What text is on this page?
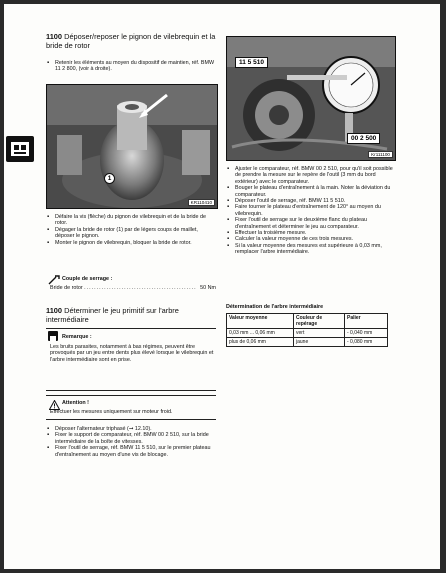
1100 Déposer/reposer le pignon de vilebrequin et la bride de rotor
▪ Retenir les éléments au moyen du dispositif de maintien, réf. BMW 11 2 800, (voir à droite).
1
KR110410
▪ Défaire la vis (flèche) du pignon de vilebrequin et de la bride de rotor.
▪ Dégager la bride de rotor (1) par de légers coups de maillet, déposer le pignon.
▪ Monter le pignon de vilebrequin, bloquer la bride de rotor.
Couple de serrage :
Bride de rotor ............................................. 50 Nm
1100 Déterminer le jeu primitif sur l'arbre intermédiaire
Remarque :
Les bruits parasites, notamment à bas régimes, peuvent être provoqués par un jeu entre dents plus élevé lorsque le vilebrequin et l'arbre intermédiaire sont en prise.
Attention !
Effectuer les mesures uniquement sur moteur froid.
▪ Déposer l'alternateur triphasé (➞ 12.10).
▪ Fixer le support de comparateur, réf. BMW 00 2 510, sur la bride intermédiaire de la boîte de vitesses.
▪ Fixer l'outil de serrage, réf. BMW 11 5 510, sur le premier plateau d'entraînement au moyen d'une vis de blocage.
11 5 510
00 2 500
Kr111100
▪ Ajuster le comparateur, réf. BMW 00 2 510, pour qu'il soit possible de prendre la mesure sur le repère de l'outil (3 mm du bord extérieur) avec le comparateur.
▪ Bouger le plateau d'entraînement à la main. Noter la déviation du comparateur.
▪ Déposer l'outil de serrage, réf. BMW 11 5 510.
▪ Faire tourner le plateau d'entraînement de 120° au moyen du vilebrequin.
▪ Fixer l'outil de serrage sur le deuxième flanc du plateau d'entraînement et déterminer le jeu au comparateur.
▪ Effectuer la troisième mesure.
▪ Calculer la valeur moyenne de ces trois mesures.
▪ Si la valeur moyenne des mesures est supérieure à 0,03 mm, remplacer l'arbre intermédiaire.
Détermination de l'arbre intermédiaire
Valeur moyenne	Couleur de repérage	Palier
0,03 mm ... 0,06 mm	vert	- 0,040 mm
plus de 0,06 mm	jaune	- 0,080 mm
